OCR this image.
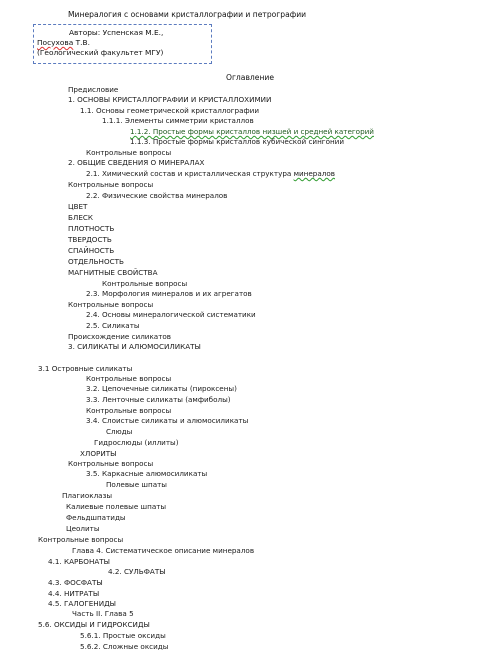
Минералогия с основами кристаллографии и петрографии
Авторы: Успенская М.Е.,
Посухова Т.В.
(Геологический факультет МГУ)
Оглавление
Предисловие
1. ОСНОВЫ КРИСТАЛЛОГРАФИИ И КРИСТАЛЛОХИМИИ
1.1. Основы геометрической кристаллографии
1.1.1. Элементы симметрии кристаллов
1.1.2. Простые формы кристаллов низшей и средней категорий
1.1.3. Простые формы кристаллов кубической сингонии
Контрольные вопросы
2. ОБЩИЕ СВЕДЕНИЯ О МИНЕРАЛАХ
2.1. Химический состав и кристаллическая структура минералов
Контрольные вопросы
2.2. Физические свойства минералов
ЦВЕТ
БЛЕСК
ПЛОТНОСТЬ
ТВЕРДОСТЬ
СПАЙНОСТЬ
ОТДЕЛЬНОСТЬ
МАГНИТНЫЕ СВОЙСТВА
Контрольные вопросы
2.3. Морфология минералов и их агрегатов
Контрольные вопросы
2.4. Основы минералогической систематики
2.5. Силикаты
Происхождение силикатов
3. СИЛИКАТЫ И АЛЮМОСИЛИКАТЫ
3.1 Островные силикаты
Контрольные вопросы
3.2. Цепочечные силикаты (пироксены)
3.3. Ленточные силикаты (амфиболы)
Контрольные вопросы
3.4. Слоистые силикаты и алюмосиликаты
Слюды
Гидрослюды (иллиты)
ХЛОРИТЫ
Контрольные вопросы
3.5. Каркасные алюмосиликаты
Полевые шпаты
Плагиоклазы
Калиевые полевые шпаты
Фельдшпатиды
Цеолиты
Контрольные вопросы
Глава 4. Систематическое описание минералов
4.1. КАРБОНАТЫ
4.2. СУЛЬФАТЫ
4.3. ФОСФАТЫ
4.4. НИТРАТЫ
4.5. ГАЛОГЕНИДЫ
Часть II. Глава 5
5.6. ОКСИДЫ И ГИДРОКСИДЫ
5.6.1. Простые оксиды
5.6.2. Сложные оксиды
